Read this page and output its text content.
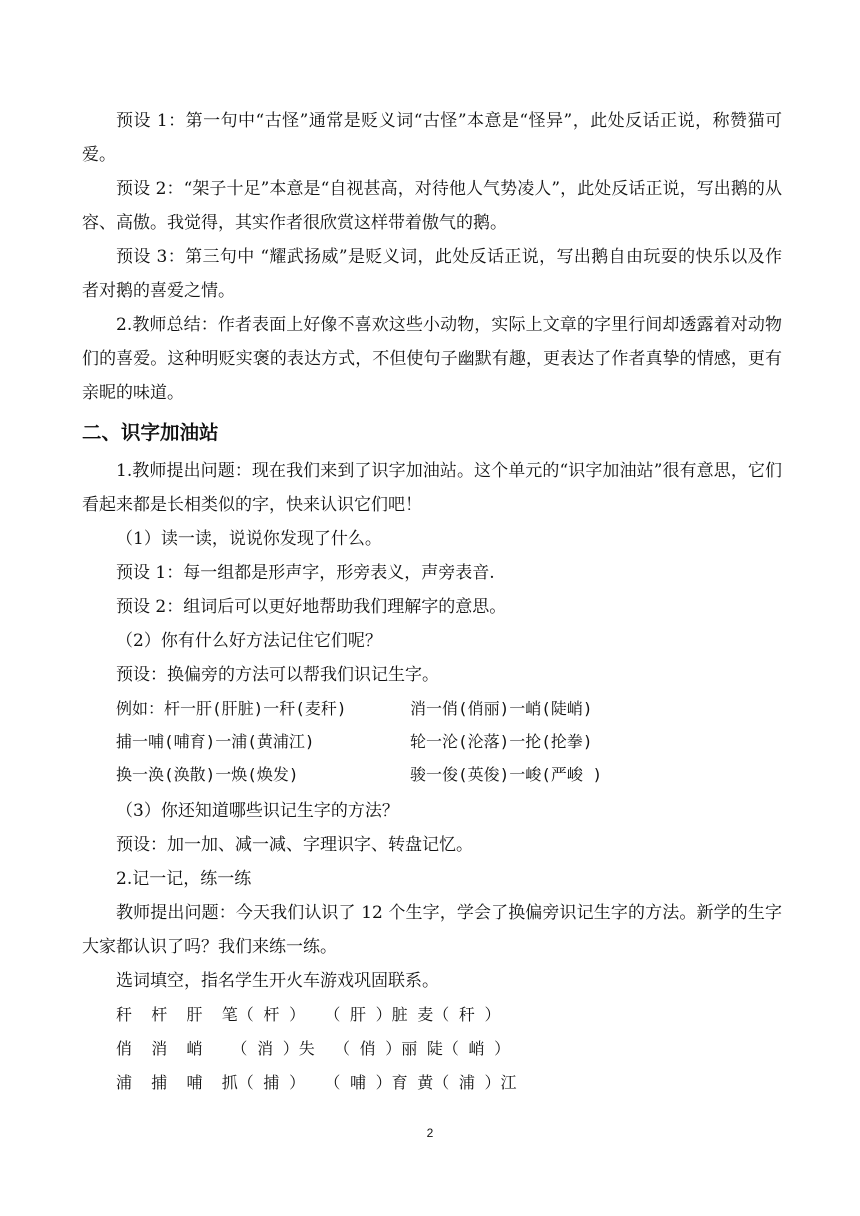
预设 1：第一句中“古怪”通常是贬义词“古怪”本意是“怪异”，此处反话正说，称赞猫可爱。

预设 2：“架子十足”本意是“自视甚高，对待他人气势凌人”，此处反话正说，写出鹅的从容、高傲。我觉得，其实作者很欣赏这样带着傲气的鹅。

预设 3：第三句中 “耀武扬威”是贬义词，此处反话正说，写出鹅自由玩耍的快乐以及作者对鹅的喜爱之情。

2.教师总结：作者表面上好像不喜欢这些小动物，实际上文章的字里行间却透露着对动物们的喜爱。这种明贬实褒的表达方式，不但使句子幽默有趣，更表达了作者真挚的情感，更有亲昵的味道。

二、识字加油站

1.教师提出问题：现在我们来到了识字加油站。这个单元的“识字加油站”很有意思，它们看起来都是长相类似的字，快来认识它们吧！

（1）读一读，说说你发现了什么。

预设 1：每一组都是形声字，形旁表义，声旁表音.

预设 2：组词后可以更好地帮助我们理解字的意思。

（2）你有什么好方法记住它们呢？

预设：换偏旁的方法可以帮我们识记生字。

例如：杆一肝(肝脏)一秆(麦秆)	消一俏(俏丽)一峭(陡峭)
捕一哺(哺育)一浦(黄浦江)	轮一沦(沦落)一抡(抡拳)
换一涣(涣散)一焕(焕发)	骏一俊(英俊)一峻(严峻 )

（3）你还知道哪些识记生字的方法？

预设：加一加、减一减、字理识字、转盘记忆。

2.记一记，练一练

教师提出问题：今天我们认识了 12 个生字，学会了换偏旁识记生字的方法。新学的生字大家都认识了吗？我们来练一练。

选词填空，指名学生开火车游戏巩固联系。

秆  杆  肝  笔（ 杆 ）  （ 肝 ）脏 麦（ 秆 ）
俏  消  峭   （ 消 ）失  （ 俏 ）丽 陡（ 峭 ）
浦  捕  哺  抓（ 捕 ）  （ 哺 ）育 黄（ 浦 ）江
2
